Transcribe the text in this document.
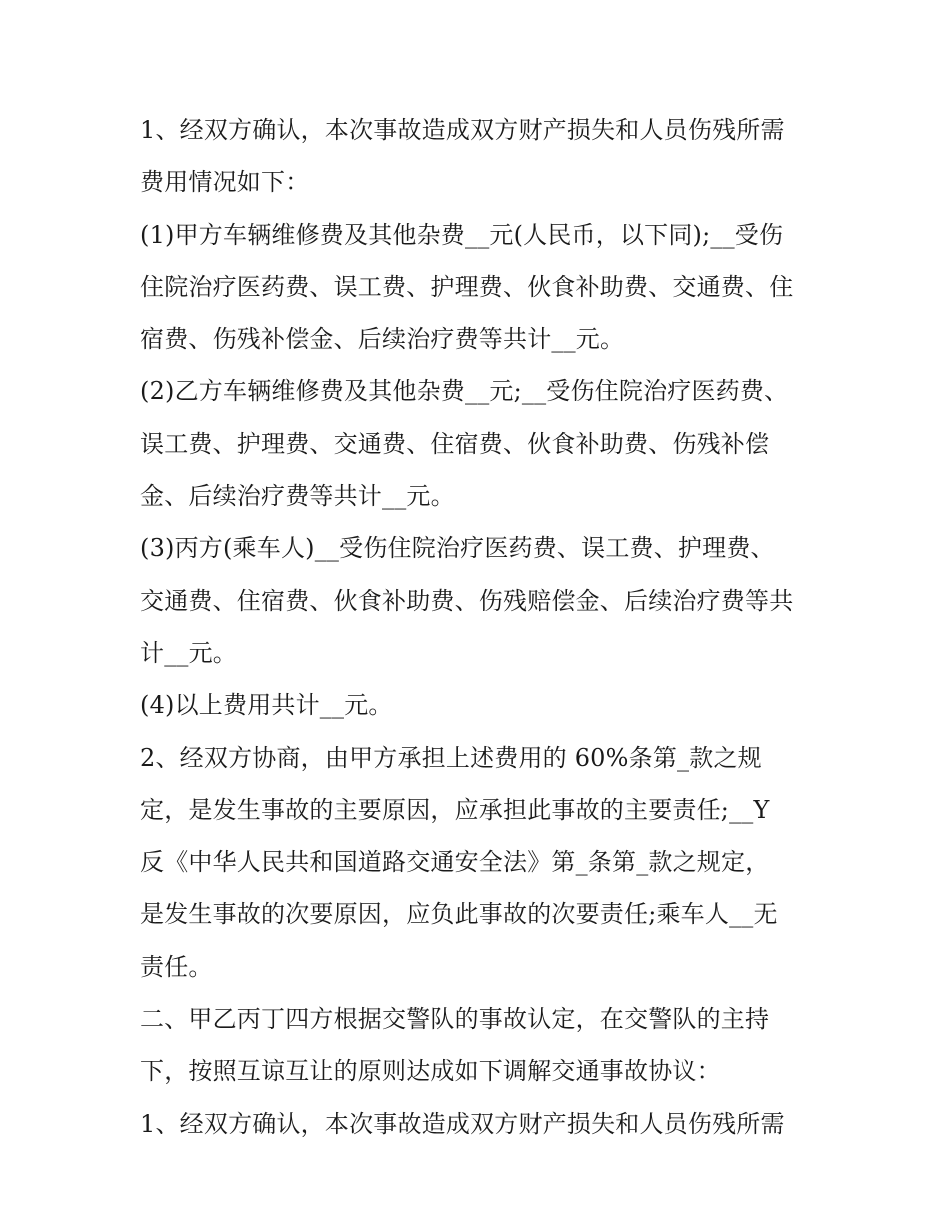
1、经双方确认，本次事故造成双方财产损失和人员伤残所需
费用情况如下：
(1)甲方车辆维修费及其他杂费__元(人民币，以下同);__受伤
住院治疗医药费、误工费、护理费、伙食补助费、交通费、住
宿费、伤残补偿金、后续治疗费等共计__元。
(2)乙方车辆维修费及其他杂费__元;__受伤住院治疗医药费、
误工费、护理费、交通费、住宿费、伙食补助费、伤残补偿
金、后续治疗费等共计__元。
(3)丙方(乘车人)__受伤住院治疗医药费、误工费、护理费、
交通费、住宿费、伙食补助费、伤残赔偿金、后续治疗费等共
计__元。
(4)以上费用共计__元。
2、经双方协商，由甲方承担上述费用的 60%条第_款之规
定，是发生事故的主要原因，应承担此事故的主要责任;__Y
反《中华人民共和国道路交通安全法》第_条第_款之规定，
是发生事故的次要原因，应负此事故的次要责任;乘车人__无
责任。
二、甲乙丙丁四方根据交警队的事故认定，在交警队的主持
下，按照互谅互让的原则达成如下调解交通事故协议：
1、经双方确认，本次事故造成双方财产损失和人员伤残所需
